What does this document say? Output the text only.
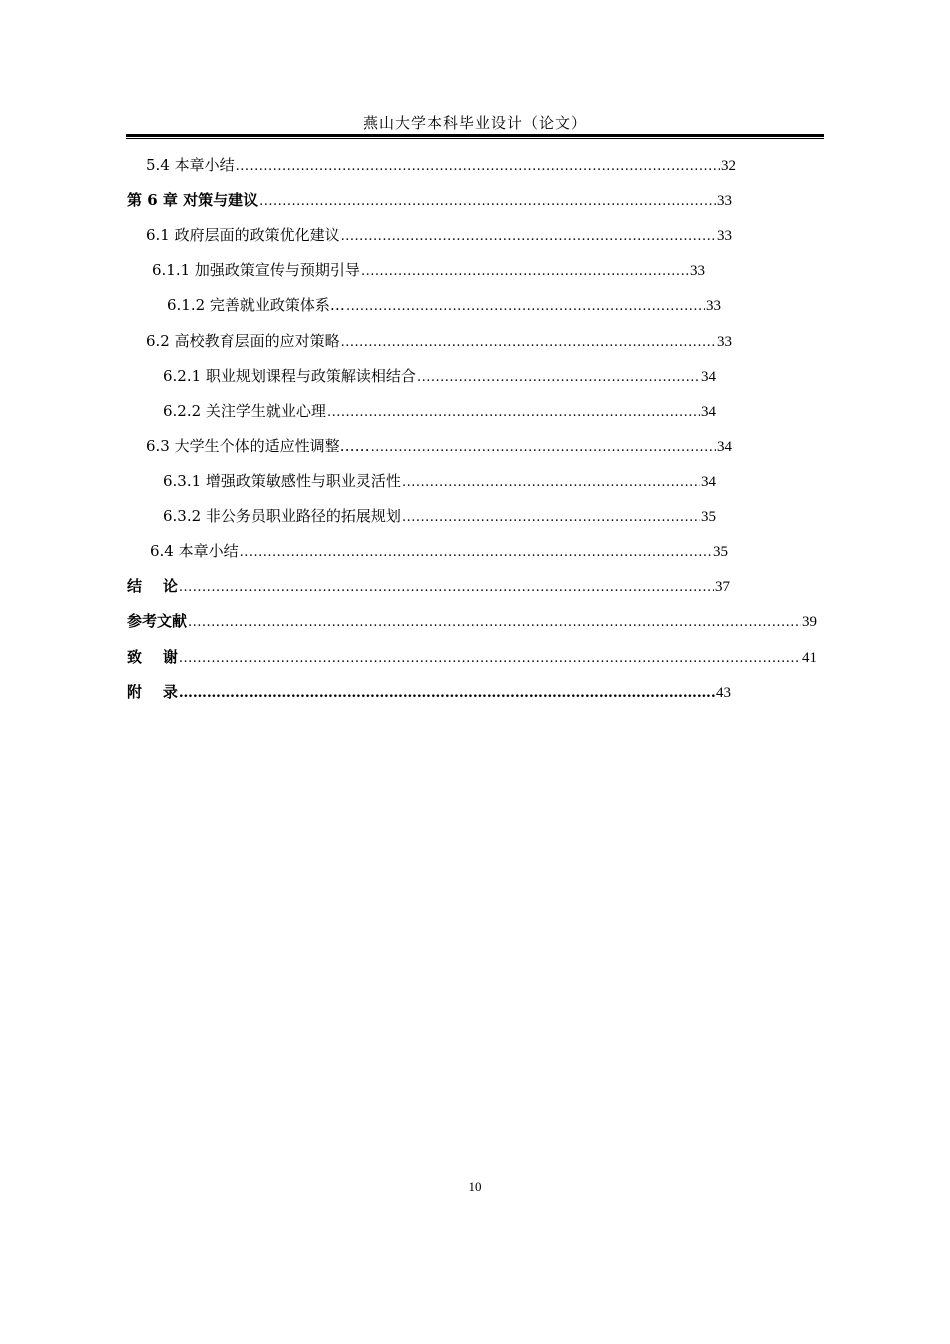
燕山大学本科毕业设计（论文）
5.4 本章小结 .....	32
第 6 章 对策与建议 .....	33
6.1 政府层面的政策优化建议 .....	33
6.1.1 加强政策宣传与预期引导 .....	33
6.1.2 完善就业政策体系… .....	33
6.2 高校教育层面的应对策略 .....	33
6.2.1 职业规划课程与政策解读相结合 .....	34
6.2.2 关注学生就业心理 .....	34
6.3 大学生个体的适应性调整…… .....	34
6.3.1 增强政策敏感性与职业灵活性 .....	34
6.3.2 非公务员职业路径的拓展规划 .....	35
6.4 本章小结 .....	35
结    论 .....	37
参考文献 .....	39
致    谢 .....	41
附    录 …………………………………………………………………………………………………………………………	43
10
